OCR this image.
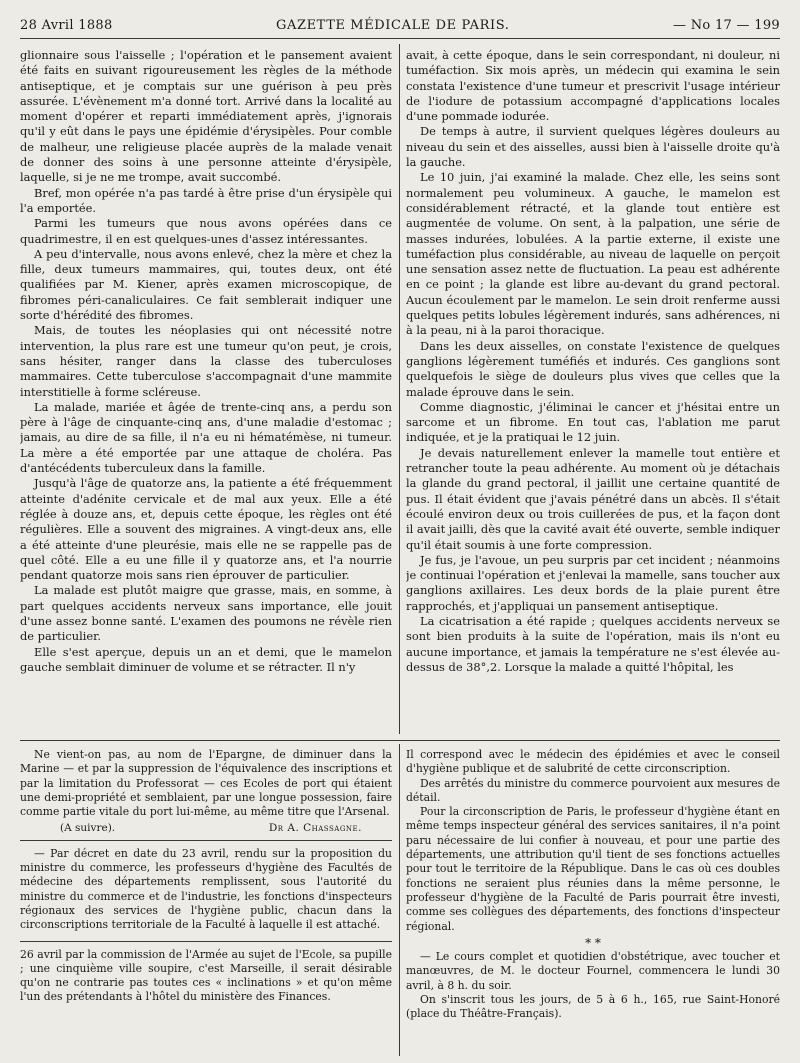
28 Avril 1888	GAZETTE MÉDICALE DE PARIS.	— No 17 — 199

glionnaire sous l'aisselle ; l'opération et le pansement avaient été faits en suivant rigoureusement les règles de la méthode antiseptique, et je comptais sur une guérison à peu près assurée. L'évènement m'a donné tort. Arrivé dans la localité au moment d'opérer et reparti immédiatement après, j'ignorais qu'il y eût dans le pays une épidémie d'érysipèles. Pour comble de malheur, une religieuse placée auprès de la malade venait de donner des soins à une personne atteinte d'érysipèle, laquelle, si je ne me trompe, avait succombé.

Bref, mon opérée n'a pas tardé à être prise d'un érysipèle qui l'a emportée.

Parmi les tumeurs que nous avons opérées dans ce quadrimestre, il en est quelques-unes d'assez intéressantes.

A peu d'intervalle, nous avons enlevé, chez la mère et chez la fille, deux tumeurs mammaires, qui, toutes deux, ont été qualifiées par M. Kiener, après examen microscopique, de fibromes péri-canaliculaires. Ce fait semblerait indiquer une sorte d'hérédité des fibromes.

Mais, de toutes les néoplasies qui ont nécessité notre intervention, la plus rare est une tumeur qu'on peut, je crois, sans hésiter, ranger dans la classe des tuberculoses mammaires. Cette tuberculose s'accompagnait d'une mammite interstitielle à forme scléreuse.

La malade, mariée et âgée de trente-cinq ans, a perdu son père à l'âge de cinquante-cinq ans, d'une maladie d'estomac ; jamais, au dire de sa fille, il n'a eu ni hématémèse, ni tumeur. La mère a été emportée par une attaque de choléra. Pas d'antécédents tuberculeux dans la famille.

Jusqu'à l'âge de quatorze ans, la patiente a été fréquemment atteinte d'adénite cervicale et de mal aux yeux. Elle a été réglée à douze ans, et, depuis cette époque, les règles ont été régulières. Elle a souvent des migraines. A vingt-deux ans, elle a été atteinte d'une pleurésie, mais elle ne se rappelle pas de quel côté. Elle a eu une fille il y quatorze ans, et l'a nourrie pendant quatorze mois sans rien éprouver de particulier.

La malade est plutôt maigre que grasse, mais, en somme, à part quelques accidents nerveux sans importance, elle jouit d'une assez bonne santé. L'examen des poumons ne révèle rien de particulier.

Elle s'est aperçue, depuis un an et demi, que le mamelon gauche semblait diminuer de volume et se rétracter. Il n'y

avait, à cette époque, dans le sein correspondant, ni douleur, ni tuméfaction. Six mois après, un médecin qui examina le sein constata l'existence d'une tumeur et prescrivit l'usage intérieur de l'iodure de potassium accompagné d'applications locales d'une pommade iodurée.

De temps à autre, il survient quelques légères douleurs au niveau du sein et des aisselles, aussi bien à l'aisselle droite qu'à la gauche.

Le 10 juin, j'ai examiné la malade. Chez elle, les seins sont normalement peu volumineux. A gauche, le mamelon est considérablement rétracté, et la glande tout entière est augmentée de volume. On sent, à la palpation, une série de masses indurées, lobulées. A la partie externe, il existe une tuméfaction plus considérable, au niveau de laquelle on perçoit une sensation assez nette de fluctuation. La peau est adhérente en ce point ; la glande est libre au-devant du grand pectoral. Aucun écoulement par le mamelon. Le sein droit renferme aussi quelques petits lobules légèrement indurés, sans adhérences, ni à la peau, ni à la paroi thoracique.

Dans les deux aisselles, on constate l'existence de quelques ganglions légèrement tuméfiés et indurés. Ces ganglions sont quelquefois le siège de douleurs plus vives que celles que la malade éprouve dans le sein.

Comme diagnostic, j'éliminai le cancer et j'hésitai entre un sarcome et un fibrome. En tout cas, l'ablation me parut indiquée, et je la pratiquai le 12 juin.

Je devais naturellement enlever la mamelle tout entière et retrancher toute la peau adhérente. Au moment où je détachais la glande du grand pectoral, il jaillit une certaine quantité de pus. Il était évident que j'avais pénétré dans un abcès. Il s'était écoulé environ deux ou trois cuillerées de pus, et la façon dont il avait jailli, dès que la cavité avait été ouverte, semble indiquer qu'il était soumis à une forte compression.

Je fus, je l'avoue, un peu surpris par cet incident ; néanmoins je continuai l'opération et j'enlevai la mamelle, sans toucher aux ganglions axillaires. Les deux bords de la plaie purent être rapprochés, et j'appliquai un pansement antiseptique.

La cicatrisation a été rapide ; quelques accidents nerveux se sont bien produits à la suite de l'opération, mais ils n'ont eu aucune importance, et jamais la température ne s'est élevée au-dessus de 38°,2. Lorsque la malade a quitté l'hôpital, les

Ne vient-on pas, au nom de l'Epargne, de diminuer dans la Marine — et par la suppression de l'équivalence des inscriptions et par la limitation du Professorat — ces Ecoles de port qui étaient une demi-propriété et semblaient, par une longue possession, faire comme partie vitale du port lui-même, au même titre que l'Arsenal.

(A suivre).	Dr A. Chassagne.

— Par décret en date du 23 avril, rendu sur la proposition du ministre du commerce, les professeurs d'hygiène des Facultés de médecine des départements remplissent, sous l'autorité du ministre du commerce et de l'industrie, les fonctions d'inspecteurs régionaux des services de l'hygiène public, chacun dans la circonscriptions territoriale de la Faculté à laquelle il est attaché.

26 avril par la commission de l'Armée au sujet de l'Ecole, sa pupille ; une cinquième ville soupire, c'est Marseille, il serait désirable qu'on ne contrarie pas toutes ces « inclinations » et qu'on même l'un des prétendants à l'hôtel du ministère des Finances.

Il correspond avec le médecin des épidémies et avec le conseil d'hygiène publique et de salubrité de cette circonscription.

Des arrêtés du ministre du commerce pourvoient aux mesures de détail.

Pour la circonscription de Paris, le professeur d'hygiène étant en même temps inspecteur général des services sanitaires, il n'a point paru nécessaire de lui confier à nouveau, et pour une partie des départements, une attribution qu'il tient de ses fonctions actuelles pour tout le territoire de la République. Dans le cas où ces doubles fonctions ne seraient plus réunies dans la même personne, le professeur d'hygiène de la Faculté de Paris pourrait être investi, comme ses collègues des départements, des fonctions d'inspecteur régional.

* *

— Le cours complet et quotidien d'obstétrique, avec toucher et manœuvres, de M. le docteur Fournel, commencera le lundi 30 avril, à 8 h. du soir.

On s'inscrit tous les jours, de 5 à 6 h., 165, rue Saint-Honoré (place du Théâtre-Français).
